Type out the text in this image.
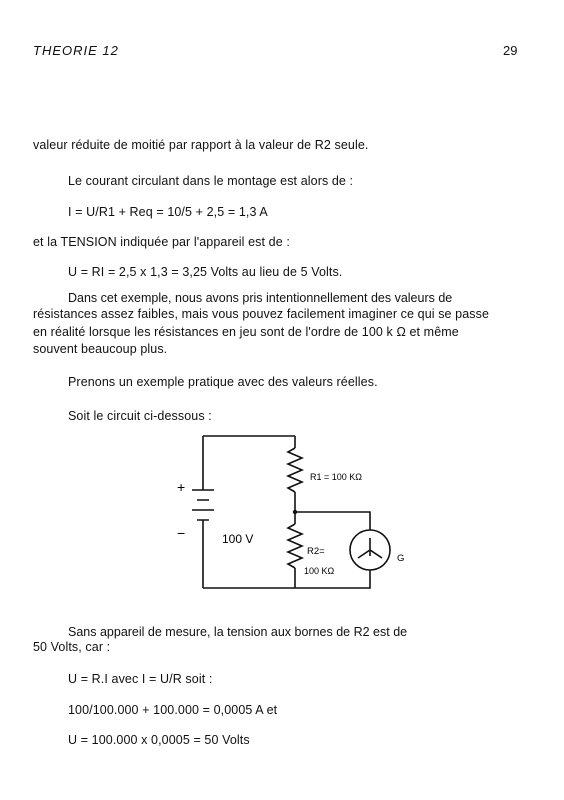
THEORIE 12	29
valeur réduite de moitié par rapport à la valeur de R2 seule.
Le courant circulant dans le montage est alors de :
I = U/R1 + Req = 10/5 + 2,5 = 1,3 A
et la TENSION indiquée par l'appareil est de :
U = RI = 2,5 x 1,3 = 3,25 Volts au lieu de 5 Volts.
Dans cet exemple, nous avons pris intentionnellement des valeurs de
résistances assez faibles, mais vous pouvez facilement imaginer ce qui se passe
en réalité lorsque les résistances en jeu sont de l'ordre de 100 k Ω et même
souvent beaucoup plus.
Prenons un exemple pratique avec des valeurs réelles.
Soit le circuit ci-dessous :
+
−	100 V
R1 = 100 KΩ
R2=
100 KΩ
G
Sans appareil de mesure, la tension aux bornes de R2 est de
50 Volts, car :
U = R.I avec I = U/R soit :
100/100.000 + 100.000 = 0,0005 A et
U = 100.000 x 0,0005 = 50 Volts
